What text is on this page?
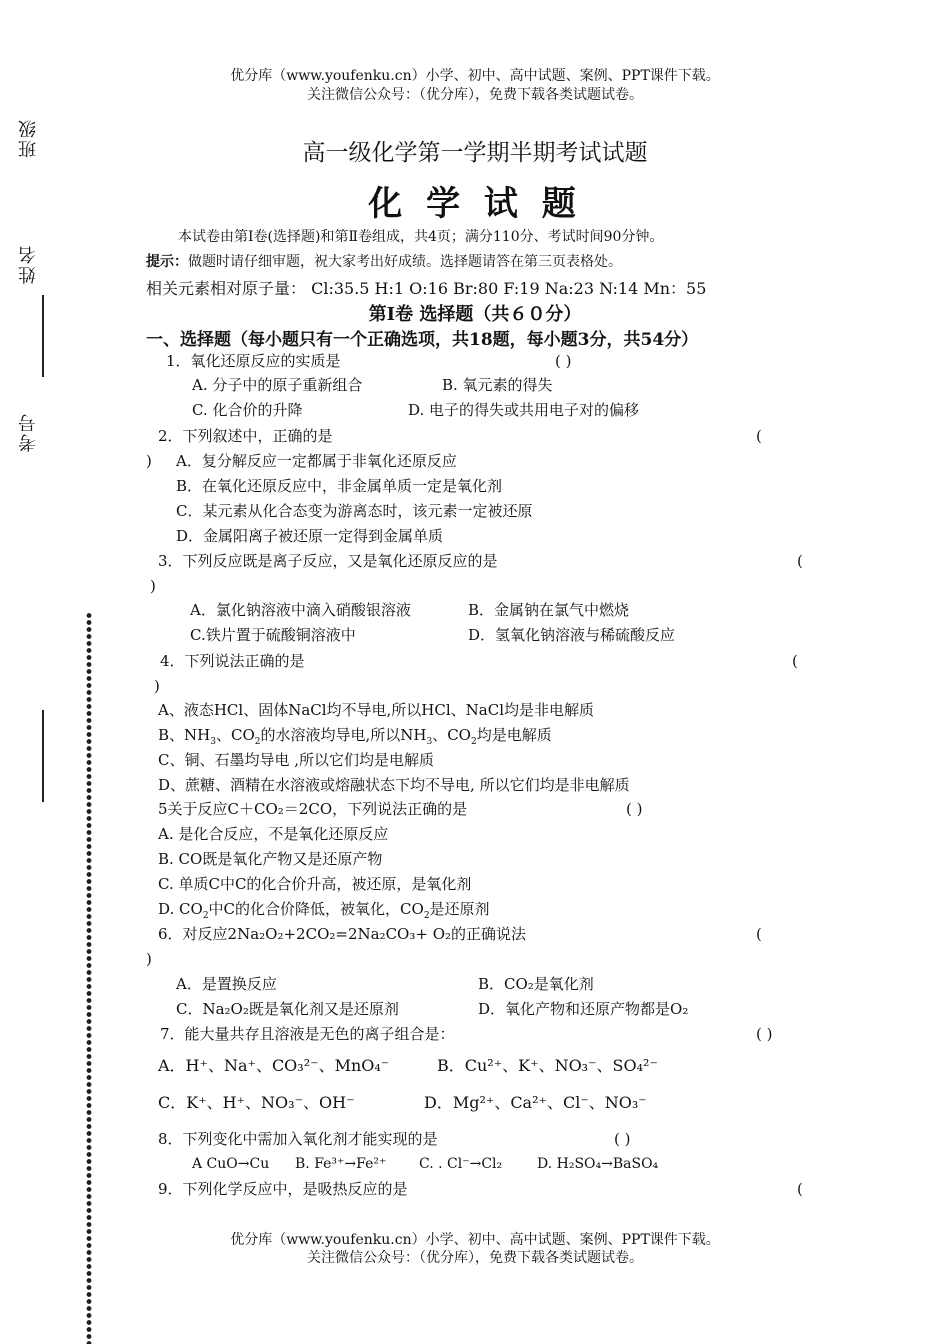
优分库（www.youfenku.cn）小学、初中、高中试题、案例、PPT课件下载。
关注微信公众号：（优分库），免费下载各类试题试卷。
班级
姓名
考号
高一级化学第一学期半期考试试题
化 学 试 题
本试卷由第Ⅰ卷(选择题)和第Ⅱ卷组成，共4页；满分110分、考试时间90分钟。
提示：做题时请仔细审题，祝大家考出好成绩。选择题请答在第三页表格处。
相关元素相对原子量： Cl:35.5 H:1 O:16 Br:80 F:19 Na:23 N:14 Mn：55
第Ⅰ卷 选择题（共６０分）
一、选择题（每小题只有一个正确选项，共18题，每小题3分，共54分）
1．氧化还原反应的实质是	( )
A. 分子中的原子重新组合	B. 氧元素的得失
C. 化合价的升降	D. 电子的得失或共用电子对的偏移
2．下列叙述中，正确的是	(
) A．复分解反应一定都属于非氧化还原反应
B．在氧化还原反应中，非金属单质一定是氧化剂
C．某元素从化合态变为游离态时，该元素一定被还原
D．金属阳离子被还原一定得到金属单质
3．下列反应既是离子反应，又是氧化还原反应的是	(
)
A．氯化钠溶液中滴入硝酸银溶液	B．金属钠在氯气中燃烧
C.铁片置于硫酸铜溶液中	D．氢氧化钠溶液与稀硫酸反应
4．下列说法正确的是	(
)
A、液态HCl、固体NaCl均不导电,所以HCl、NaCl均是非电解质
B、$NH_3$、$CO_2$的水溶液均导电,所以$NH_3$、$CO_2$均是电解质
C、铜、石墨均导电 ,所以它们均是电解质
D、蔗糖、酒精在水溶液或熔融状态下均不导电, 所以它们均是非电解质
5关于反应C＋CO₂＝2CO，下列说法正确的是	( )
A. 是化合反应，不是氧化还原反应
B. CO既是氧化产物又是还原产物
C. 单质C中C的化合价升高，被还原，是氧化剂
D. $CO_2$中C的化合价降低，被氧化，$CO_2$是还原剂
6．对反应2Na₂O₂+2CO₂=2Na₂CO₃+ O₂的正确说法	(
)
A．是置换反应	B．CO₂是氧化剂
C．Na₂O₂既是氧化剂又是还原剂	D．氧化产物和还原产物都是O₂
7．能大量共存且溶液是无色的离子组合是：	( )
A．H⁺、Na⁺、CO₃²⁻、MnO₄⁻	B．Cu²⁺、K⁺、NO₃⁻、SO₄²⁻
C．K⁺、H⁺、NO₃⁻、OH⁻	D．Mg²⁺、Ca²⁺、Cl⁻、NO₃⁻
8．下列变化中需加入氧化剂才能实现的是	( )
A CuO→Cu B. Fe³⁺→Fe²⁺ C. . Cl⁻→Cl₂ D. H₂SO₄→BaSO₄
9．下列化学反应中，是吸热反应的是	(
优分库（www.youfenku.cn）小学、初中、高中试题、案例、PPT课件下载。
关注微信公众号：（优分库），免费下载各类试题试卷。
